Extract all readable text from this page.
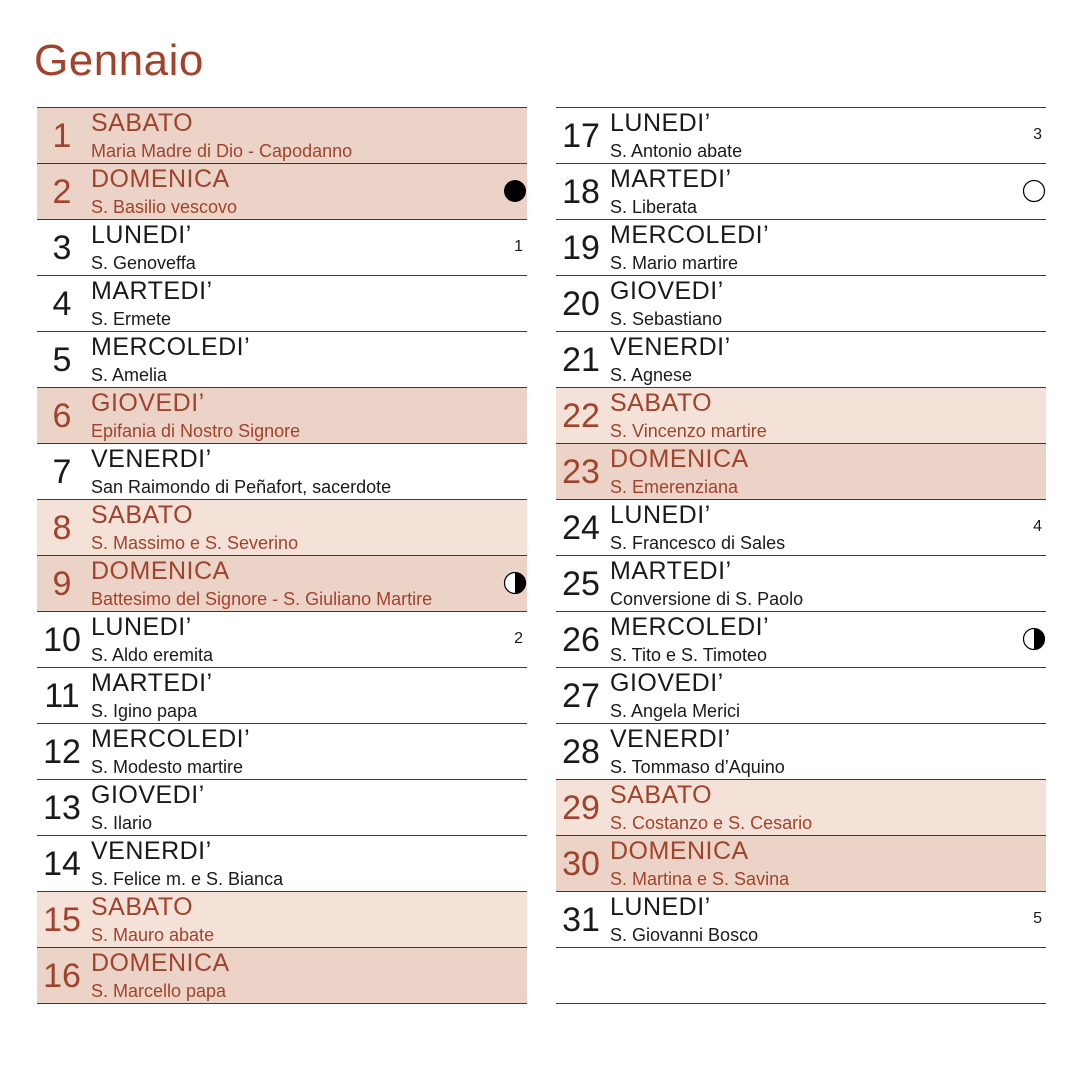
Gennaio
1 SABATO
Maria Madre di Dio - Capodanno
2 DOMENICA
S. Basilio vescovo
3 LUNEDI’
S. Genoveffa
1
4 MARTEDI’
S. Ermete
5 MERCOLEDI’
S. Amelia
6 GIOVEDI’
Epifania di Nostro Signore
7 VENERDI’
San Raimondo di Peñafort, sacerdote
8 SABATO
S. Massimo e S. Severino
9 DOMENICA
Battesimo del Signore - S. Giuliano Martire
10 LUNEDI’
S. Aldo eremita
2
11 MARTEDI’
S. Igino papa
12 MERCOLEDI’
S. Modesto martire
13 GIOVEDI’
S. Ilario
14 VENERDI’
S. Felice m. e S. Bianca
15 SABATO
S. Mauro abate
16 DOMENICA
S. Marcello papa
17 LUNEDI’
S. Antonio abate
3
18 MARTEDI’
S. Liberata
19 MERCOLEDI’
S. Mario martire
20 GIOVEDI’
S. Sebastiano
21 VENERDI’
S. Agnese
22 SABATO
S. Vincenzo martire
23 DOMENICA
S. Emerenziana
24 LUNEDI’
S. Francesco di Sales
4
25 MARTEDI’
Conversione di S. Paolo
26 MERCOLEDI’
S. Tito e S. Timoteo
27 GIOVEDI’
S. Angela Merici
28 VENERDI’
S. Tommaso d’Aquino
29 SABATO
S. Costanzo e S. Cesario
30 DOMENICA
S. Martina e S. Savina
31 LUNEDI’
S. Giovanni Bosco
5
